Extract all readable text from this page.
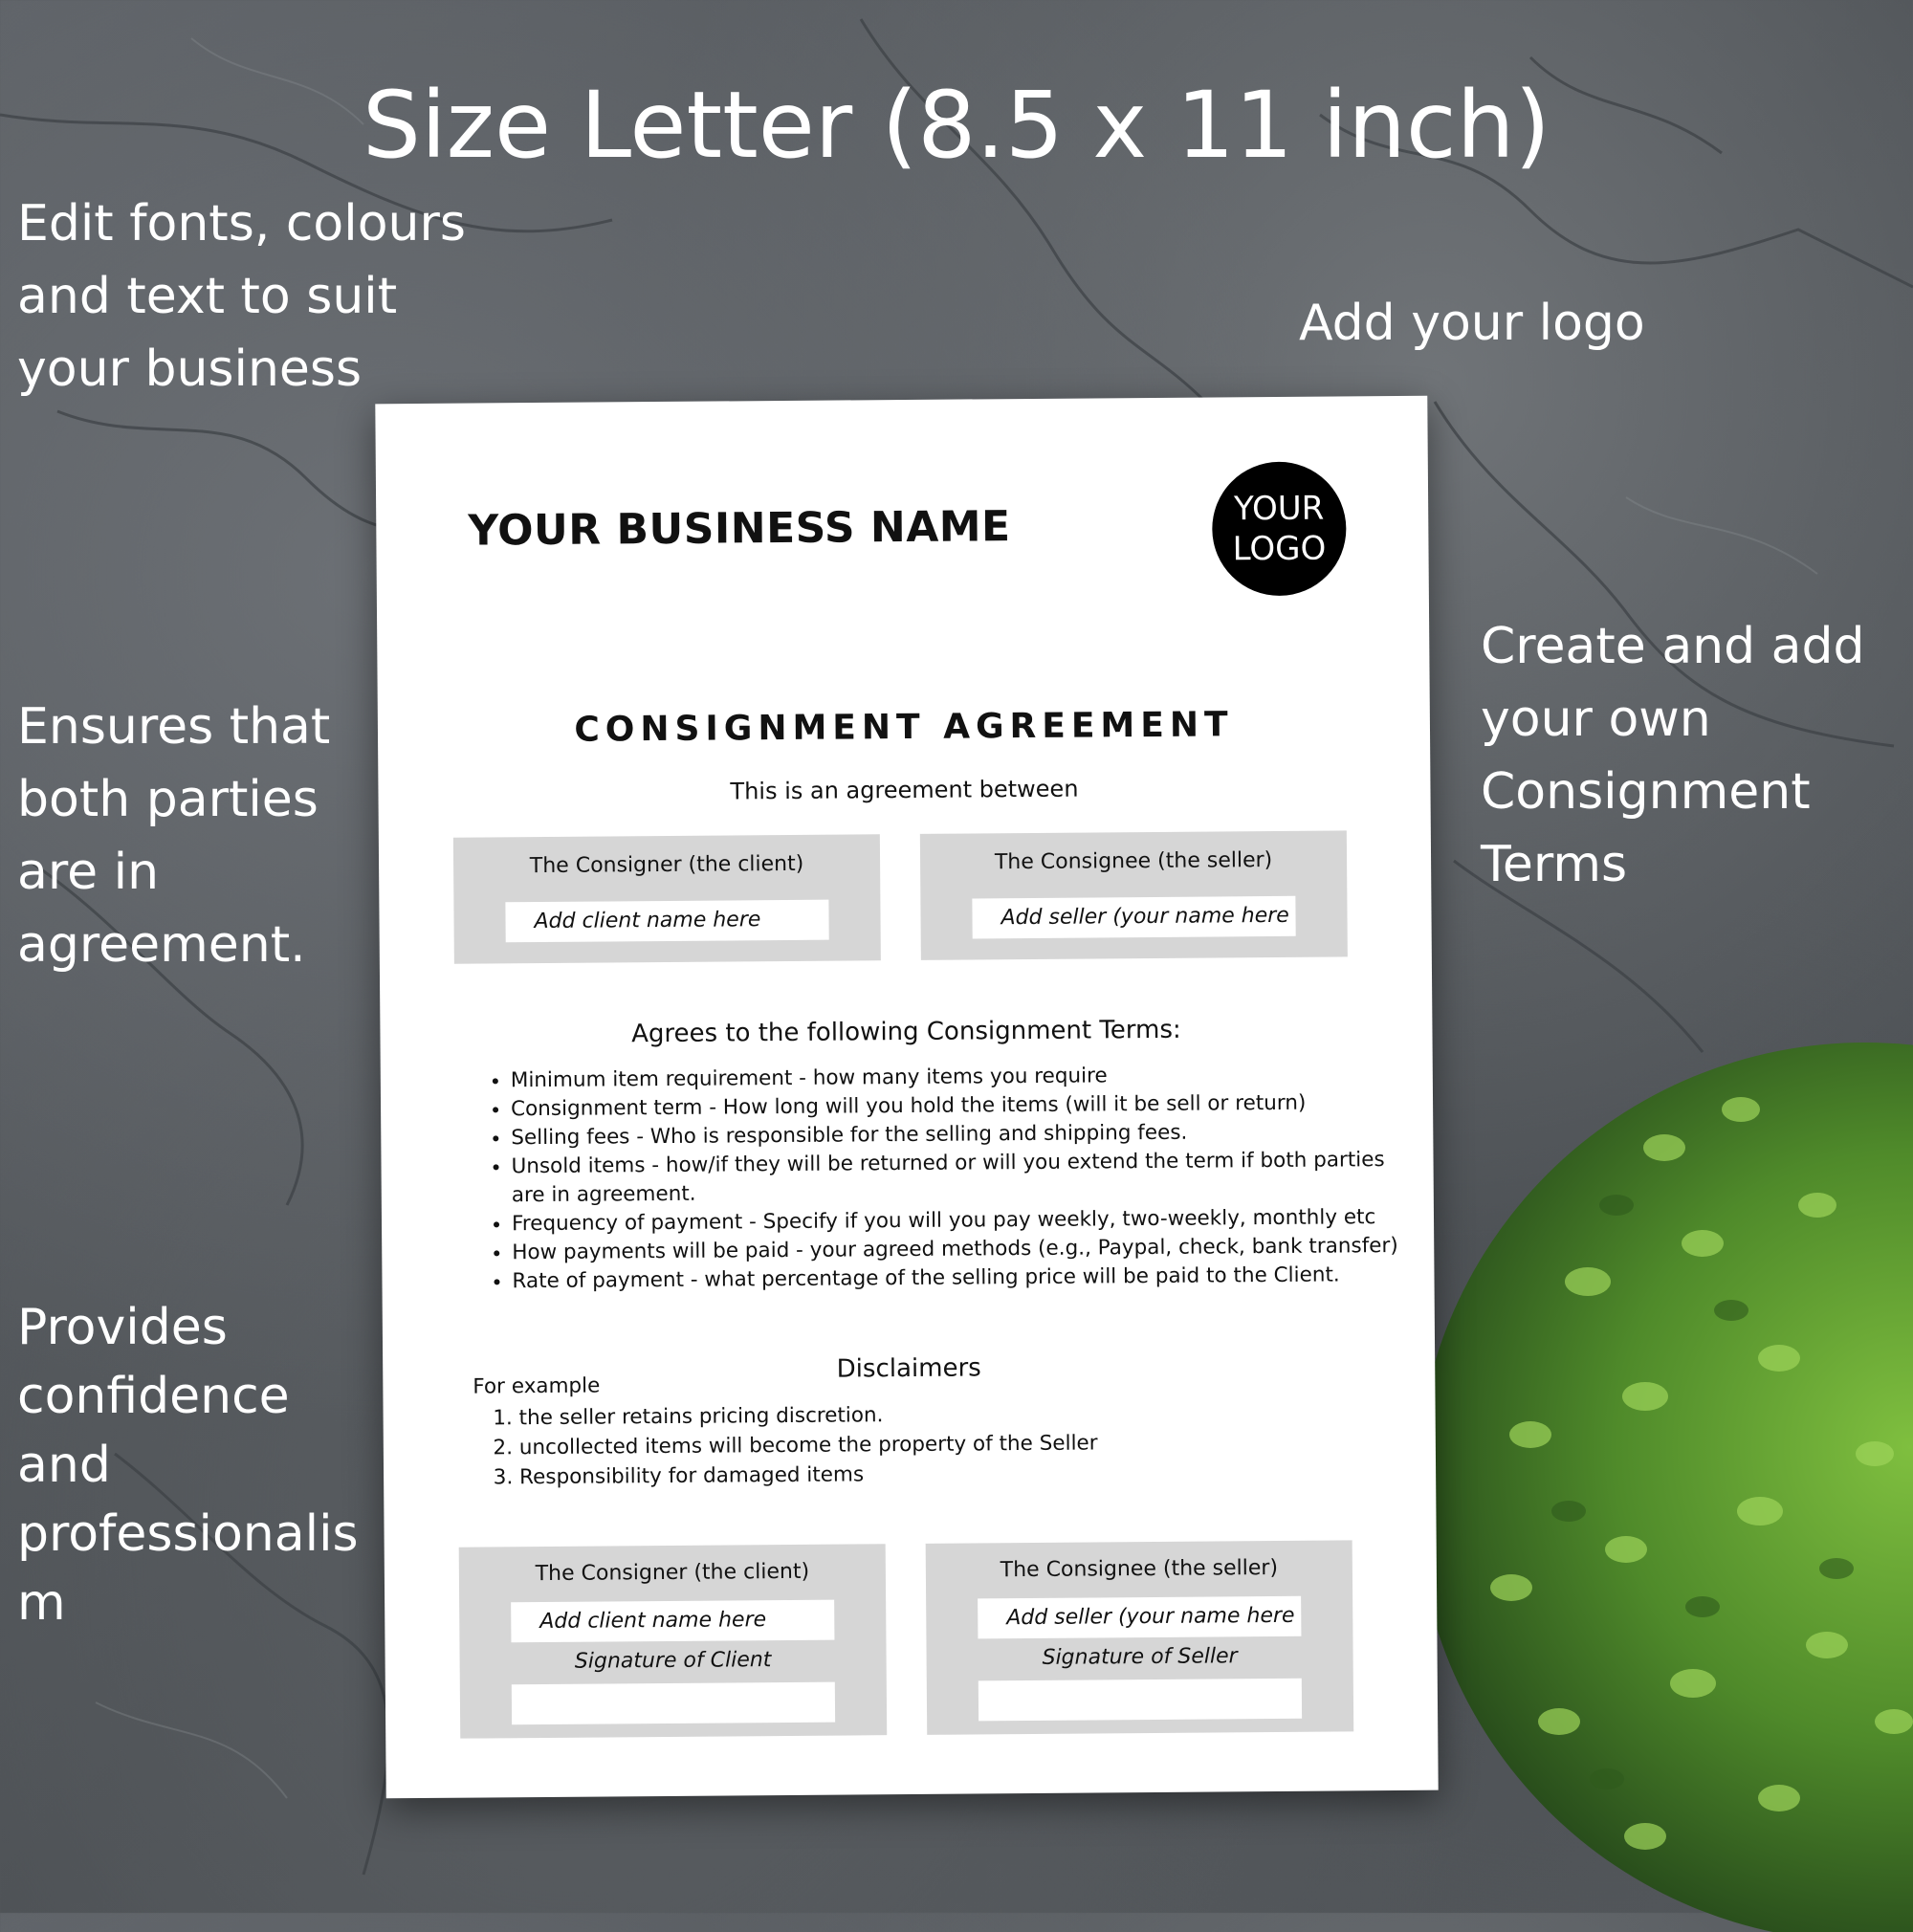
Size Letter (8.5 x 11 inch)
Edit fonts, colours and text to suit your business
Add your logo
Ensures that both parties are in agreement.
Create and add your own Consignment Terms
Provides confidence and professionalis m
YOUR BUSINESS NAME	YOUR
LOGO
CONSIGNMENT AGREEMENT
This is an agreement between
The Consigner (the client)
Add client name here
The Consignee (the seller)
Add seller (your name here
Agrees to the following Consignment Terms:
• Minimum item requirement - how many items you require
• Consignment term - How long will you hold the items (will it be sell or return)
• Selling fees - Who is responsible for the selling and shipping fees.
• Unsold items - how/if they will be returned or will you extend the term if both parties are in agreement.
• Frequency of payment - Specify if you will you pay weekly, two-weekly, monthly etc
• How payments will be paid - your agreed methods (e.g., Paypal, check, bank transfer)
• Rate of payment - what percentage of the selling price will be paid to the Client.
Disclaimers
For example
1. the seller retains pricing discretion.
2. uncollected items will become the property of the Seller
3. Responsibility for damaged items
The Consigner (the client)
Add client name here
Signature of Client
The Consignee (the seller)
Add seller (your name here
Signature of Seller
